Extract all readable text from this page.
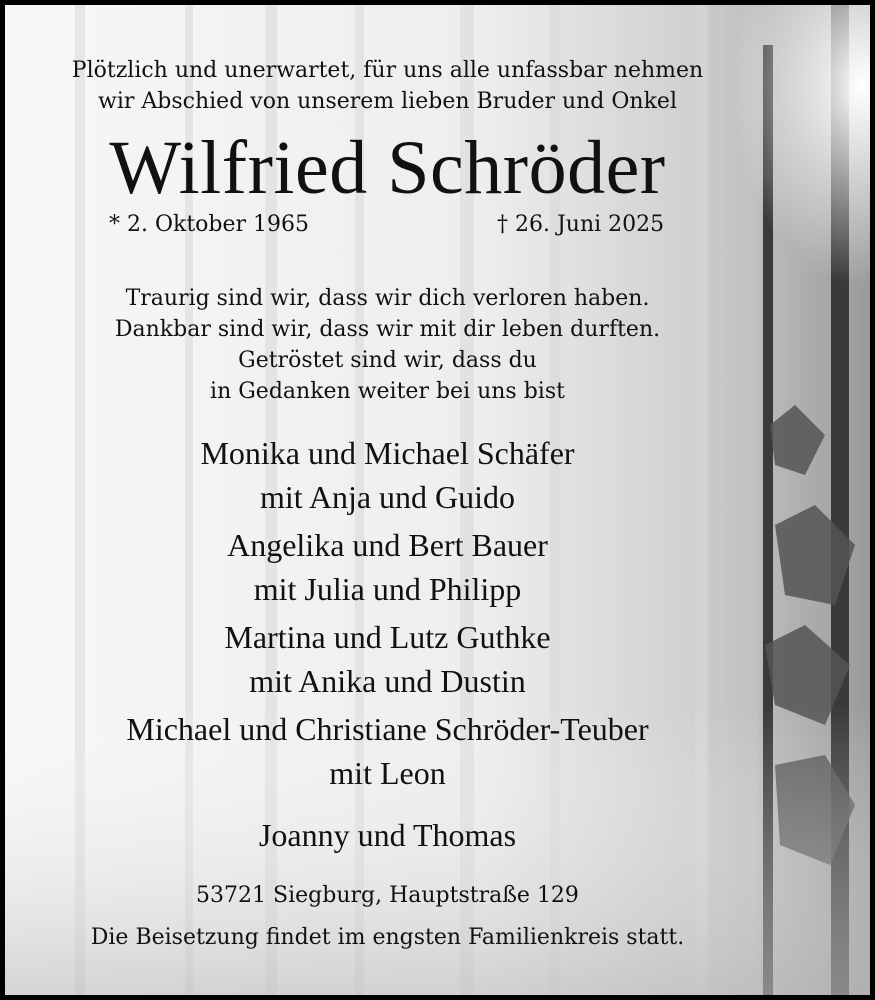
Plötzlich und unerwartet, für uns alle unfassbar nehmen
wir Abschied von unserem lieben Bruder und Onkel
Wilfried Schröder
* 2. Oktober 1965	† 26. Juni 2025
Traurig sind wir, dass wir dich verloren haben.
Dankbar sind wir, dass wir mit dir leben durften.
Getröstet sind wir, dass du
in Gedanken weiter bei uns bist
Monika und Michael Schäfer
mit Anja und Guido
Angelika und Bert Bauer
mit Julia und Philipp
Martina und Lutz Guthke
mit Anika und Dustin
Michael und Christiane Schröder-Teuber
mit Leon
Joanny und Thomas
53721 Siegburg, Hauptstraße 129
Die Beisetzung findet im engsten Familienkreis statt.
